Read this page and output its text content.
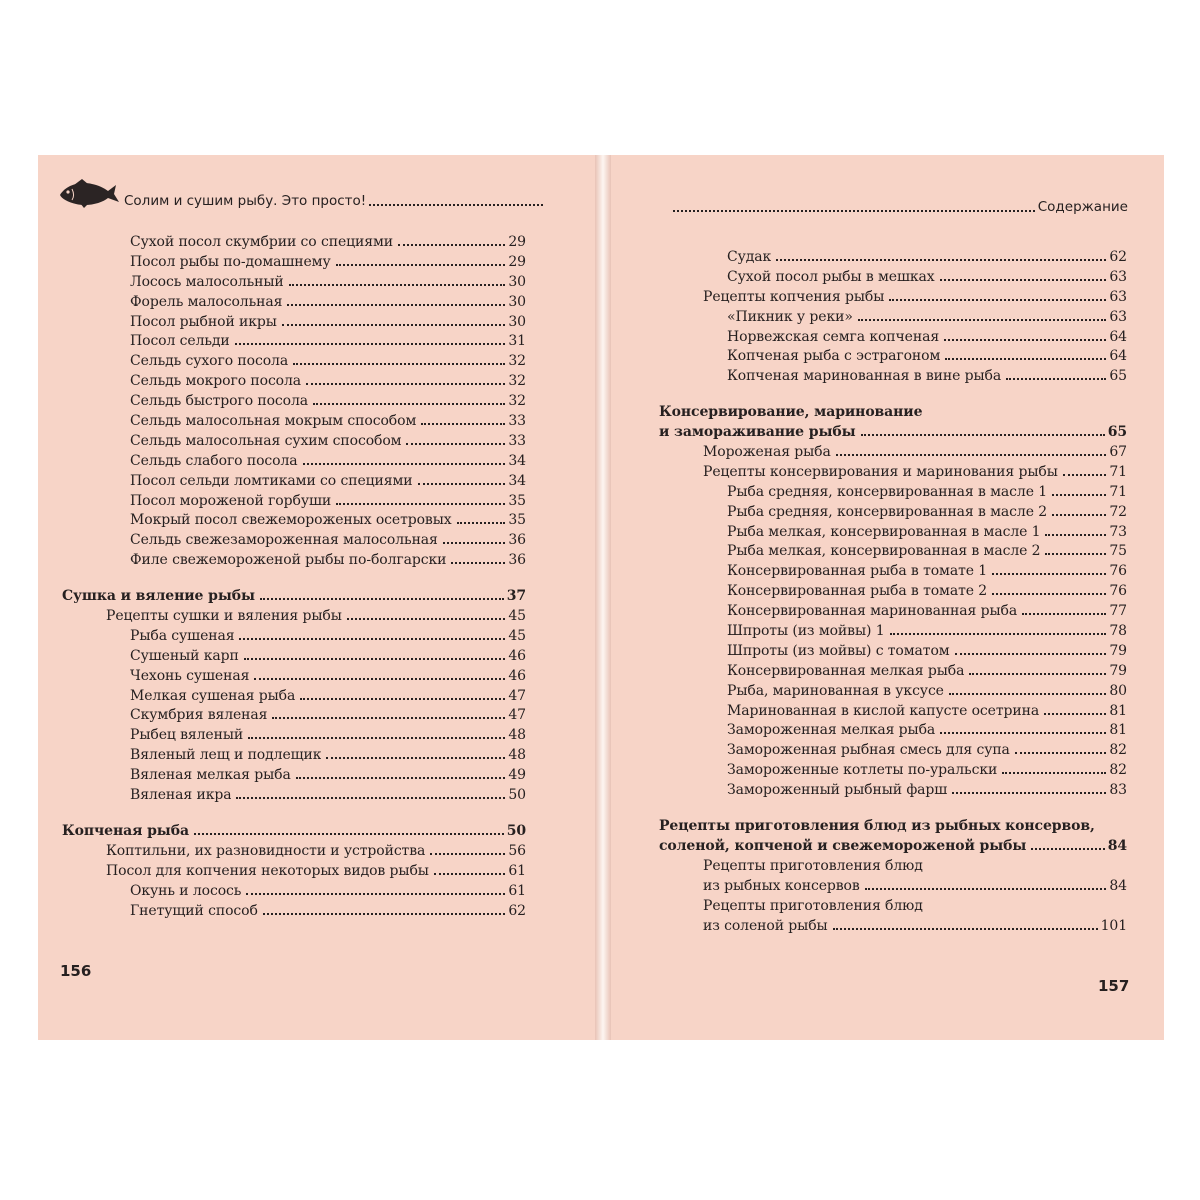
Солим и сушим рыбу. Это просто!
Сухой посол скумбрии со специями	29
Посол рыбы по-домашнему	29
Лосось малосольный	30
Форель малосольная	30
Посол рыбной икры	30
Посол сельди	31
Сельдь сухого посола	32
Сельдь мокрого посола	32
Сельдь быстрого посола	32
Сельдь малосольная мокрым способом	33
Сельдь малосольная сухим способом	33
Сельдь слабого посола	34
Посол сельди ломтиками со специями	34
Посол мороженой горбуши	35
Мокрый посол свежемороженых осетровых	35
Сельдь свежезамороженная малосольная	36
Филе свежемороженой рыбы по-болгарски	36
Сушка и вяление рыбы	37
Рецепты сушки и вяления рыбы	45
Рыба сушеная	45
Сушеный карп	46
Чехонь сушеная	46
Мелкая сушеная рыба	47
Скумбрия вяленая	47
Рыбец вяленый	48
Вяленый лещ и подлещик	48
Вяленая мелкая рыба	49
Вяленая икра	50
Копченая рыба	50
Коптильни, их разновидности и устройства	56
Посол для копчения некоторых видов рыбы	61
Окунь и лосось	61
Гнетущий способ	62
156
Содержание
Судак	62
Сухой посол рыбы в мешках	63
Рецепты копчения рыбы	63
«Пикник у реки»	63
Норвежская семга копченая	64
Копченая рыба с эстрагоном	64
Копченая маринованная в вине рыба	65
Консервирование, маринование
и замораживание рыбы	65
Мороженая рыба	67
Рецепты консервирования и маринования рыбы	71
Рыба средняя, консервированная в масле 1	71
Рыба средняя, консервированная в масле 2	72
Рыба мелкая, консервированная в масле 1	73
Рыба мелкая, консервированная в масле 2	75
Консервированная рыба в томате 1	76
Консервированная рыба в томате 2	76
Консервированная маринованная рыба	77
Шпроты (из мойвы) 1	78
Шпроты (из мойвы) с томатом	79
Консервированная мелкая рыба	79
Рыба, маринованная в уксусе	80
Маринованная в кислой капусте осетрина	81
Замороженная мелкая рыба	81
Замороженная рыбная смесь для супа	82
Замороженные котлеты по-уральски	82
Замороженный рыбный фарш	83
Рецепты приготовления блюд из рыбных консервов,
соленой, копченой и свежемороженой рыбы	84
Рецепты приготовления блюд
из рыбных консервов	84
Рецепты приготовления блюд
из соленой рыбы	101
157
